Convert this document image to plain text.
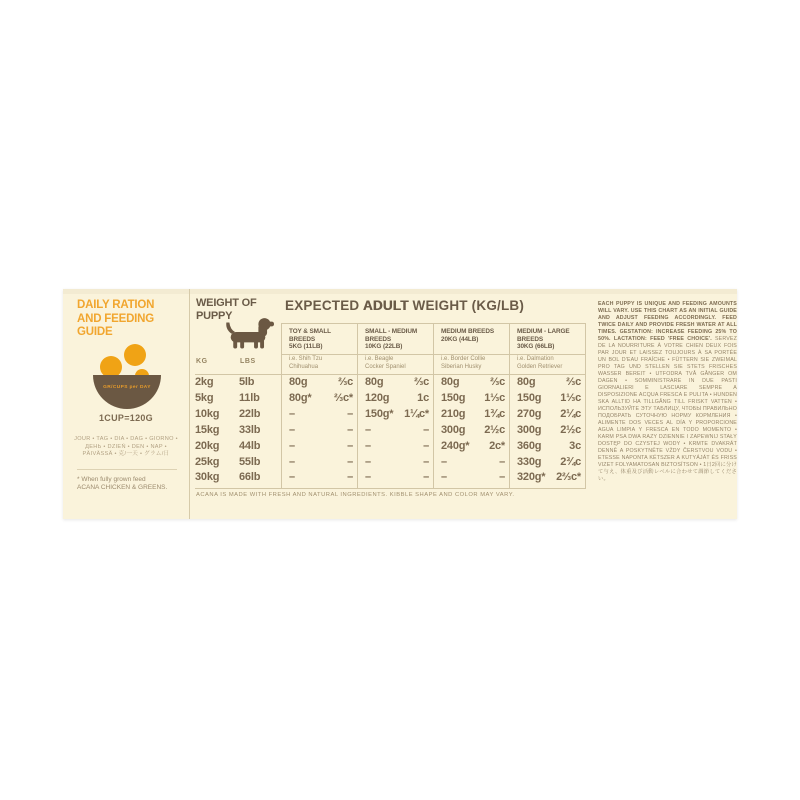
DAILY RATION AND FEEDING GUIDE
GR/CUPS per DAY
1CUP=120G
JOUR • TAG • DIA • DAG • GIORNO • ДЕНЬ • DZIEŃ • DEN • NAP • PÄIVÄSSÄ • 克/一天 • グラム/日
* When fully grown feed
ACANA CHICKEN & GREENS.
WEIGHT OF PUPPY
EXPECTED ADULT WEIGHT (KG/LB)
TOY & SMALL BREEDS
5KG (11LB)
SMALL - MEDIUM BREEDS
10KG (22LB)
MEDIUM BREEDS
20KG (44LB)
MEDIUM - LARGE BREEDS
30KG (66LB)
KG	LBS
ACANA IS MADE WITH FRESH AND NATURAL INGREDIENTS. KIBBLE SHAPE AND COLOR MAY VARY.
i.e. Shih Tzu
Chihuahua
i.e. Beagle
Cocker Spaniel
i.e. Border Collie
Siberian Husky
i.e. Dalmation
Golden Retriever
2kg	5lb	80g	⅔c 80g	⅔c 80g	⅔c 80g	⅔c
5kg	11lb	80g*	⅔c* 120g	1c 150g	1⅓c 150g	1⅓c
10kg	22lb	–	– 150g* 1¼c* 210g	1¾c 270g	2¼c
15kg	33lb	–	– –	– 300g	2½c 300g	2½c
20kg	44lb	–	– –	– 240g*	2c* 360g	3c
25kg	55lb	–	– –	– –	– 330g	2¾c
30kg	66lb	–	– –	– –	– 320g* 2⅔c*
EACH PUPPY IS UNIQUE AND FEEDING AMOUNTS WILL VARY. USE THIS CHART AS AN INITIAL GUIDE AND ADJUST FEEDING ACCORDINGLY. FEED TWICE DAILY AND PROVIDE FRESH WATER AT ALL TIMES. GESTATION: INCREASE FEEDING 25% TO 50%. LACTATION: FEED 'FREE CHOICE'. SERVEZ DE LA NOURRITURE À VOTRE CHIEN DEUX FOIS PAR JOUR ET LAISSEZ TOUJOURS À SA PORTÉE UN BOL D'EAU FRAÎCHE • FÜTTERN SIE ZWEIMAL PRO TAG UND STELLEN SIE STETS FRISCHES WASSER BEREIT • UTFODRA TVÅ GÅNGER OM DAGEN • SOMMINISTRARE IN DUE PASTI GIORNALIERI E LASCIARE SEMPRE A DISPOSIZIONE ACQUA FRESCA E PULITA • HUNDEN SKA ALLTID HA TILLGÅNG TILL FRISKT VATTEN • ИСПОЛЬЗУЙТЕ ЭТУ ТАБЛИЦУ, ЧТОБЫ ПРАВИЛЬНО ПОДОБРАТЬ СУТОЧНУЮ НОРМУ КОРМЛЕНИЯ • ALIMENTE DOS VECES AL DÍA Y PROPORCIONE AGUA LIMPIA Y FRESCA EN TODO MOMENTO • KARM PSA DWA RAZY DZIENNIE I ZAPEWNIJ STAŁY DOSTĘP DO CZYSTEJ WODY • KRMTE DVAKRÁT DENNĚ A POSKYTNĚTE VŽDY ČERSTVOU VODU • ETESSE NAPONTA KÉTSZER A KUTYÁJÁT ÉS FRISS VIZET FOLYAMATOSAN BIZTOSÍTSON • 1日2回に分けて与え、体重及び活動レベルに合わせて調節してください。
